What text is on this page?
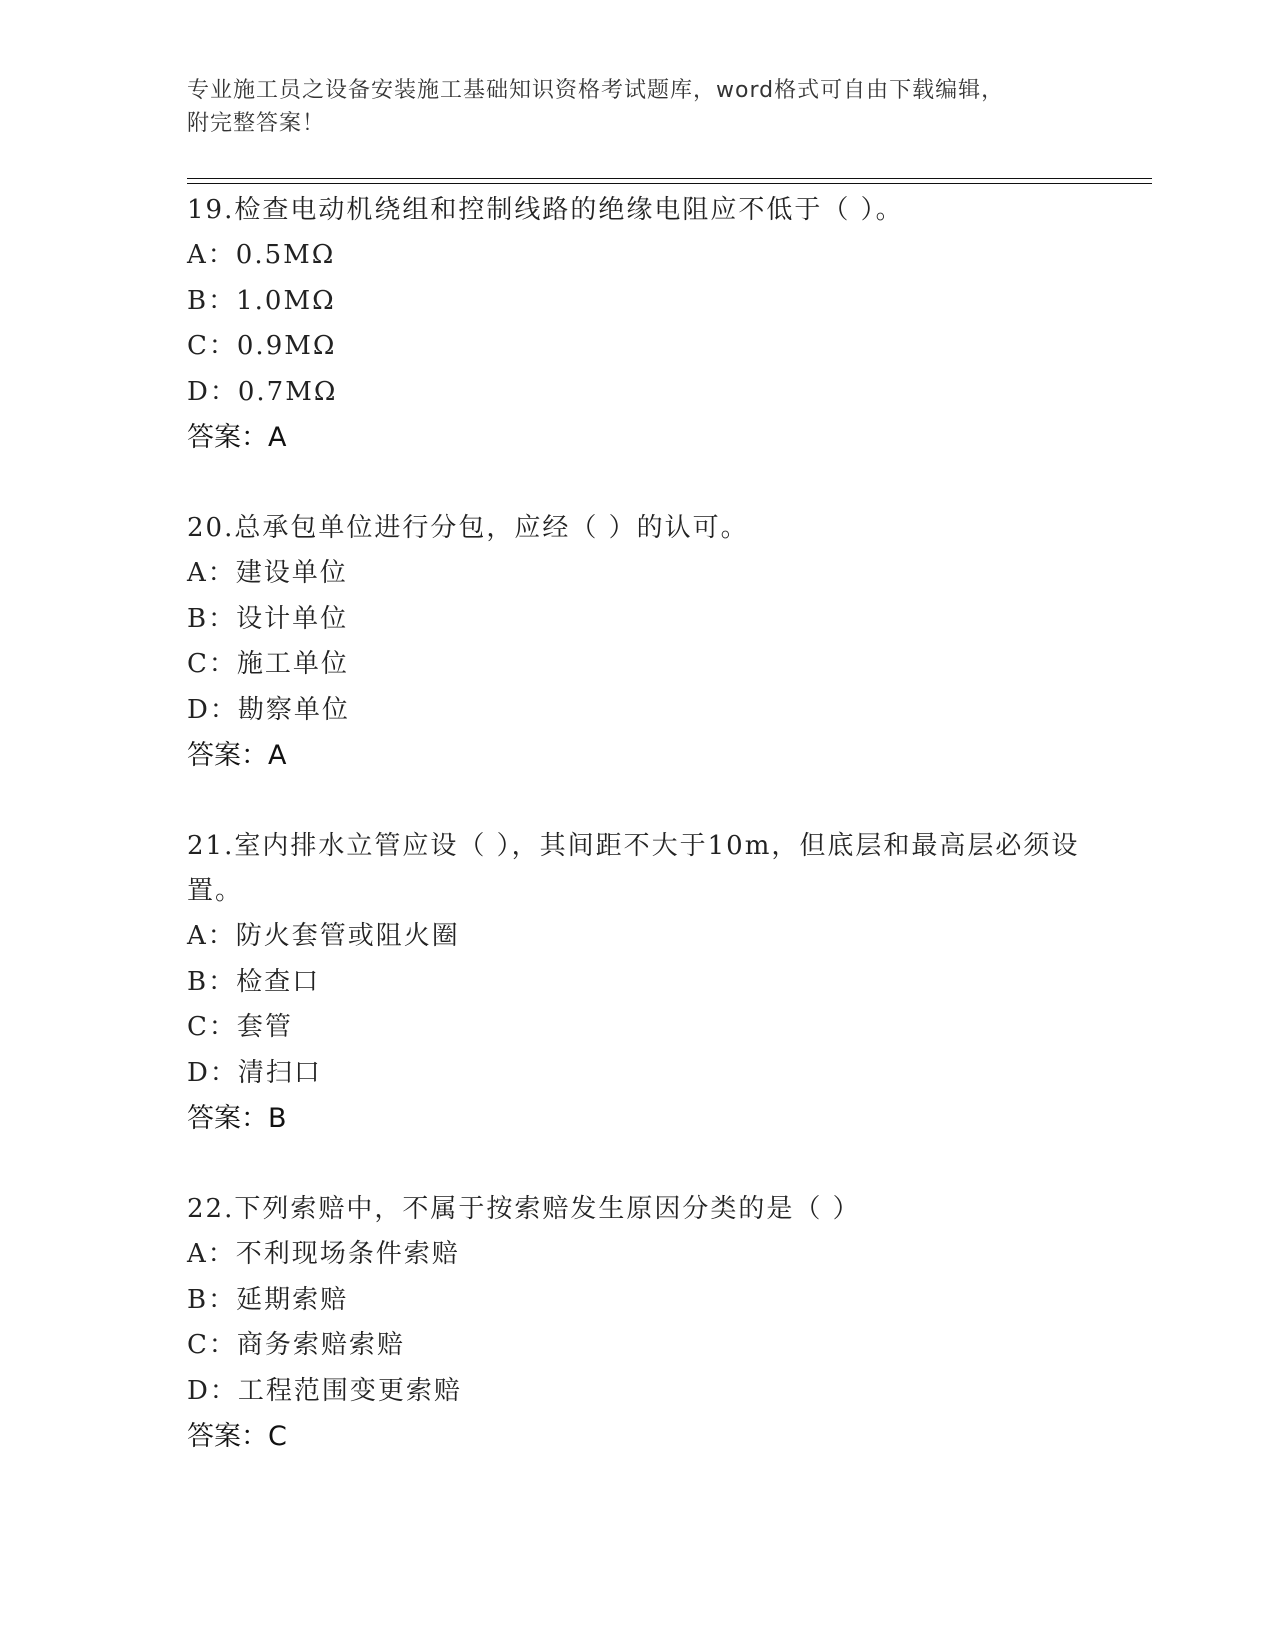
专业施工员之设备安装施工基础知识资格考试题库，word格式可自由下载编辑，
附完整答案！

19.检查电动机绕组和控制线路的绝缘电阻应不低于（ ）。

A：0.5MΩ
B：1.0MΩ
C：0.9MΩ
D：0.7MΩ
答案：A

20.总承包单位进行分包，应经（ ）的认可。

A：建设单位
B：设计单位
C：施工单位
D：勘察单位
答案：A

21.室内排水立管应设（ ），其间距不大于10m，但底层和最高层必须设置。

A：防火套管或阻火圈
B：检查口
C：套管
D：清扫口
答案：B

22.下列索赔中，不属于按索赔发生原因分类的是（ ）

A：不利现场条件索赔
B：延期索赔
C：商务索赔索赔
D：工程范围变更索赔
答案：C
